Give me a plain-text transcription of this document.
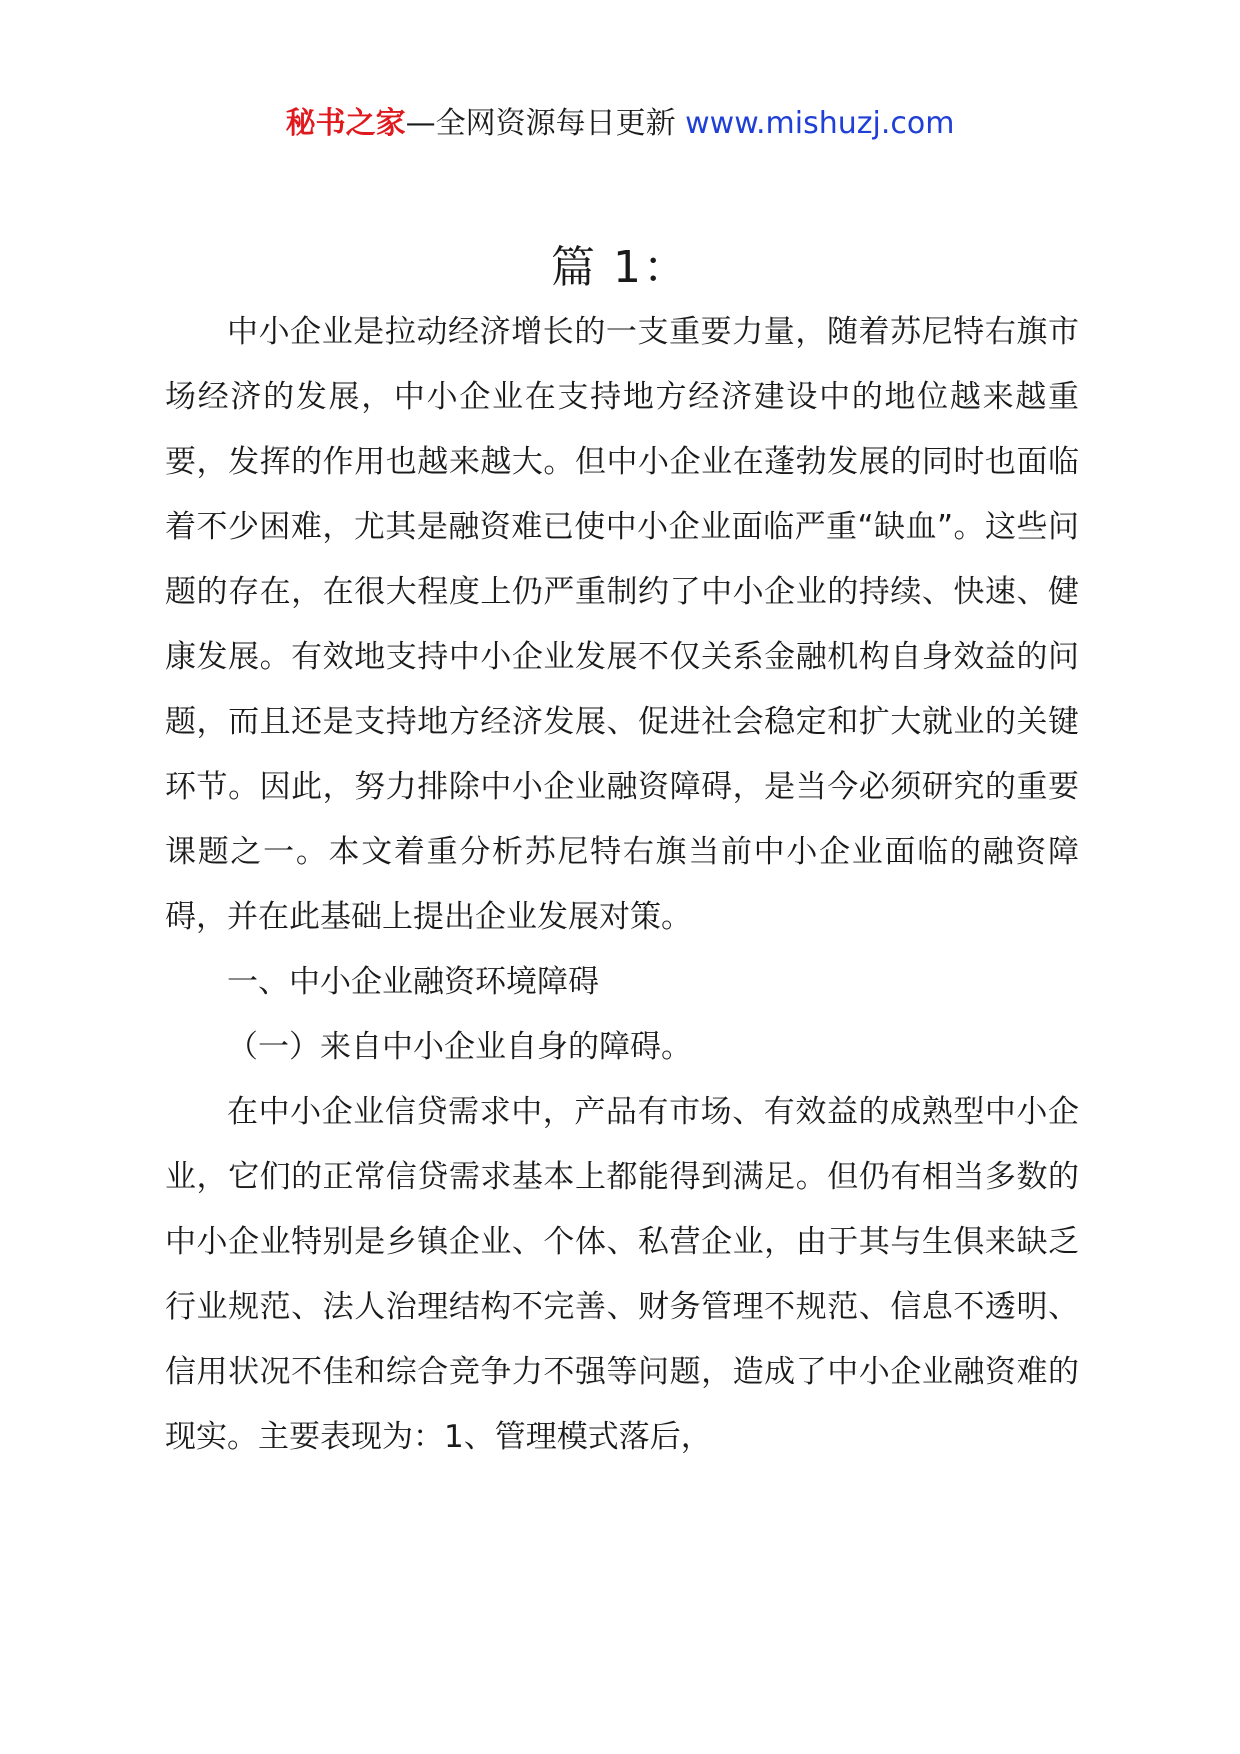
秘书之家—全网资源每日更新 www.mishuzj.com
篇 1：

中小企业是拉动经济增长的一支重要力量，随着苏尼特右旗市场经济的发展，中小企业在支持地方经济建设中的地位越来越重要，发挥的作用也越来越大。但中小企业在蓬勃发展的同时也面临着不少困难，尤其是融资难已使中小企业面临严重“缺血”。这些问题的存在，在很大程度上仍严重制约了中小企业的持续、快速、健康发展。有效地支持中小企业发展不仅关系金融机构自身效益的问题，而且还是支持地方经济发展、促进社会稳定和扩大就业的关键环节。因此，努力排除中小企业融资障碍，是当今必须研究的重要课题之一。本文着重分析苏尼特右旗当前中小企业面临的融资障碍，并在此基础上提出企业发展对策。

一、中小企业融资环境障碍

（一）来自中小企业自身的障碍。

在中小企业信贷需求中，产品有市场、有效益的成熟型中小企业，它们的正常信贷需求基本上都能得到满足。但仍有相当多数的中小企业特别是乡镇企业、个体、私营企业，由于其与生俱来缺乏行业规范、法人治理结构不完善、财务管理不规范、信息不透明、信用状况不佳和综合竞争力不强等问题，造成了中小企业融资难的现实。主要表现为：1、管理模式落后，
